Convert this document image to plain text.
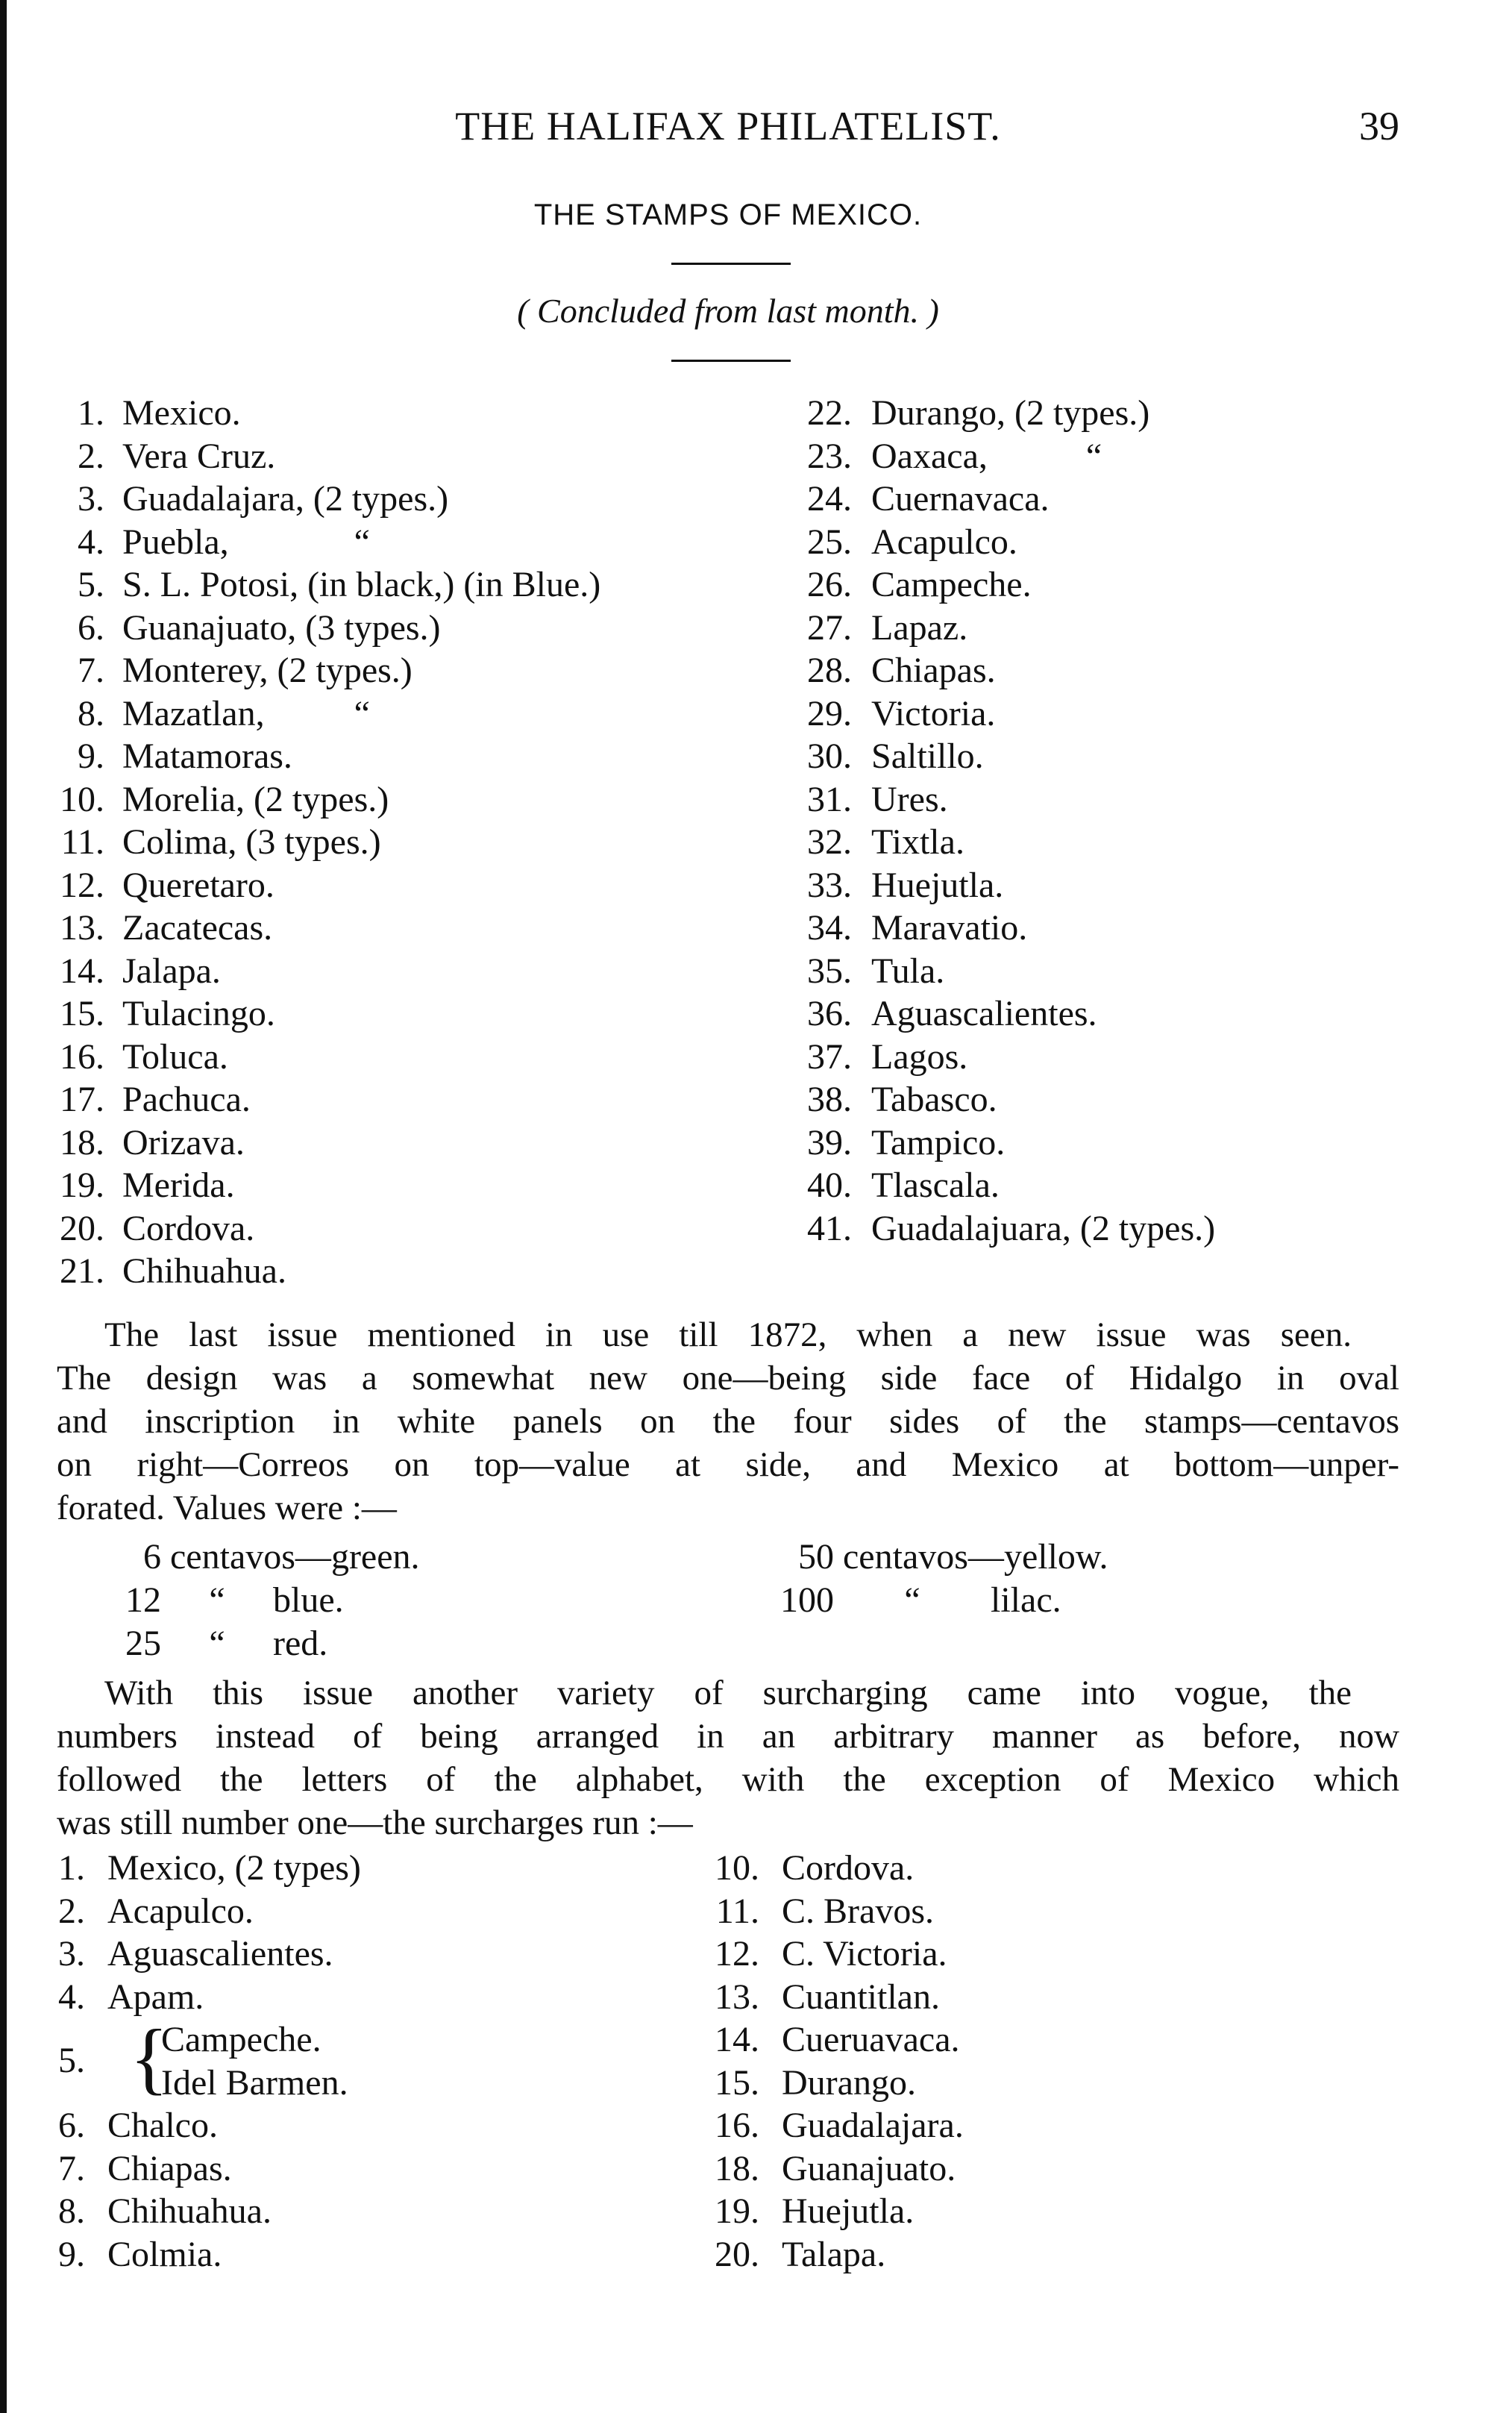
THE HALIFAX PHILATELIST.	39
THE STAMPS OF MEXICO.
( Concluded from last month. )
1. Mexico.
2. Vera Cruz.
3. Guadalajara, (2 types.)
4. Puebla,              “
5. S. L. Potosi, (in black,) (in Blue.)
6. Guanajuato, (3 types.)
7. Monterey, (2 types.)
8. Mazatlan,          “
9. Matamoras.
10. Morelia, (2 types.)
11. Colima, (3 types.)
12. Queretaro.
13. Zacatecas.
14. Jalapa.
15. Tulacingo.
16. Toluca.
17. Pachuca.
18. Orizava.
19. Merida.
20. Cordova.
21. Chihuahua.
22. Durango, (2 types.)
23. Oaxaca,           “
24. Cuernavaca.
25. Acapulco.
26. Campeche.
27. Lapaz.
28. Chiapas.
29. Victoria.
30. Saltillo.
31. Ures.
32. Tixtla.
33. Huejutla.
34. Maravatio.
35. Tula.
36. Aguascalientes.
37. Lagos.
38. Tabasco.
39. Tampico.
40. Tlascala.
41. Guadalajuara, (2 types.)
The last issue mentioned in use till 1872, when a new issue was seen.
The design was a somewhat new one—being side face of Hidalgo in oval
and inscription in white panels on the four sides of the stamps—centavos
on right—Correos on top—value at side, and Mexico at bottom—unper-
forated. Values were :—
6 centavos—green.
12 “ blue.
25 “ red.
50 centavos—yellow.
100 “ lilac.
With this issue another variety of surcharging came into vogue, the
numbers instead of being arranged in an arbitrary manner as before, now
followed the letters of the alphabet, with the exception of Mexico which
was still number one—the surcharges run :—
1. Mexico, (2 types)
2. Acapulco.
3. Aguascalientes.
4. Apam.
5. {
Campeche.
Idel Barmen.
6. Chalco.
7. Chiapas.
8. Chihuahua.
9. Colmia.
10. Cordova.
11. C. Bravos.
12. C. Victoria.
13. Cuantitlan.
14. Cueruavaca.
15. Durango.
16. Guadalajara.
18. Guanajuato.
19. Huejutla.
20. Talapa.
